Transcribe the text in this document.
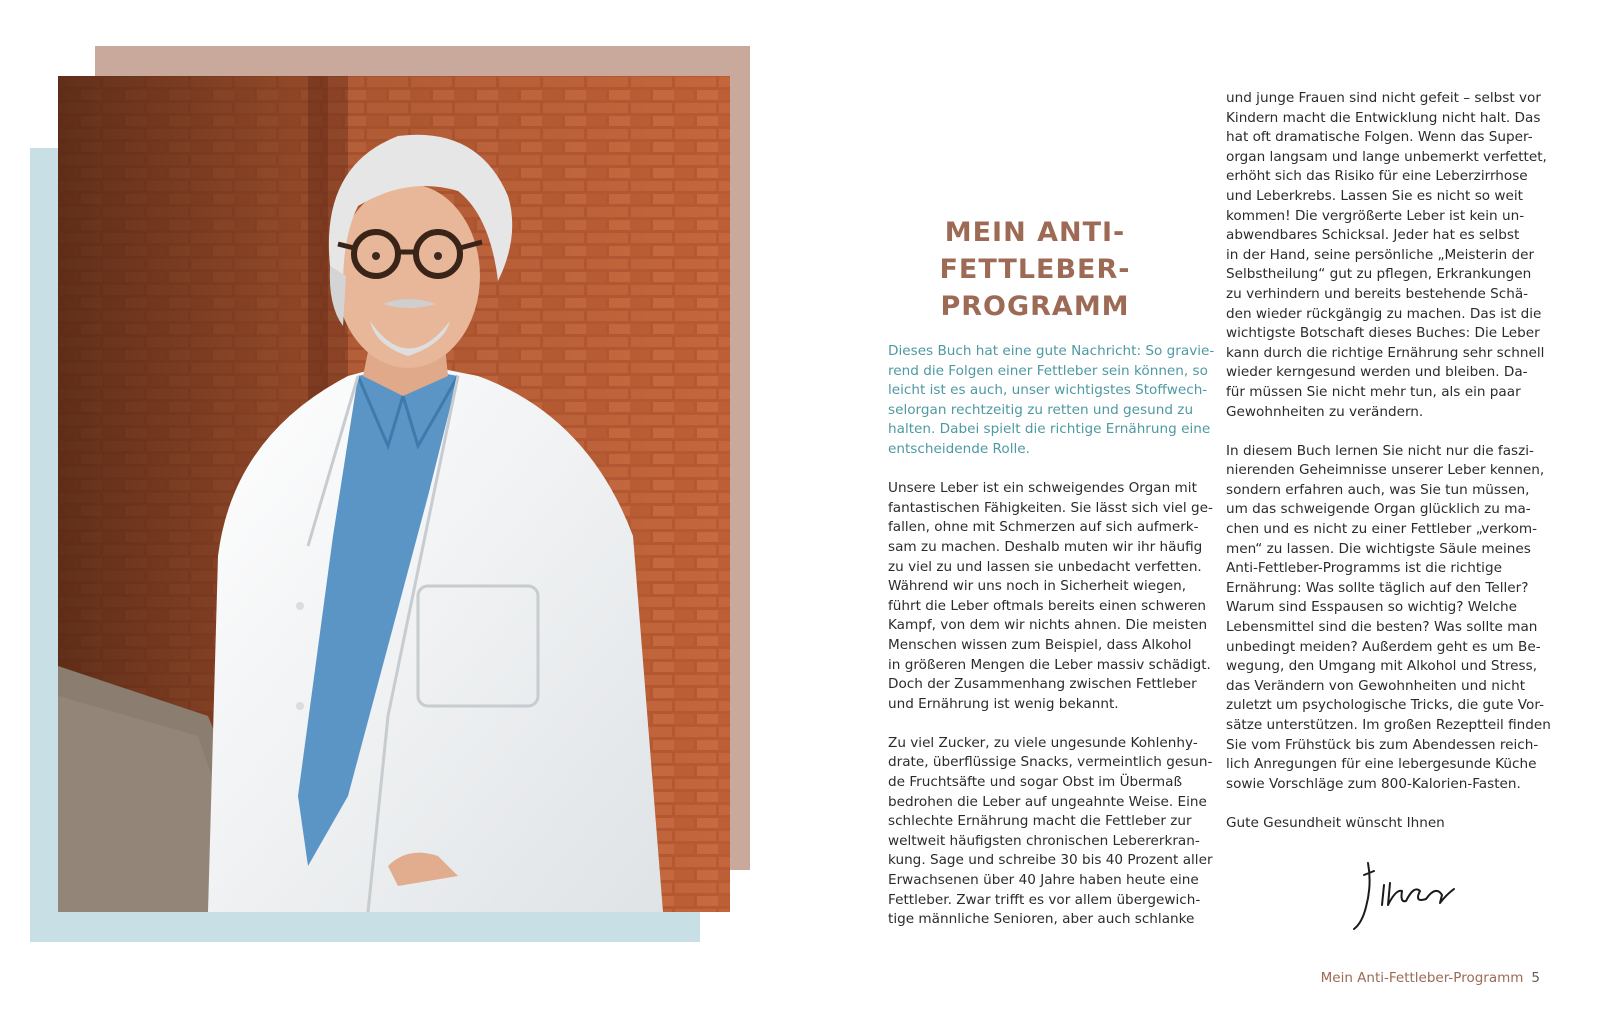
MEIN ANTI-
FETTLEBER-
PROGRAMM

Dieses Buch hat eine gute Nachricht: So gravie-
rend die Folgen einer Fettleber sein können, so
leicht ist es auch, unser wichtigstes Stoffwech-
selorgan rechtzeitig zu retten und gesund zu
halten. Dabei spielt die richtige Ernährung eine
entscheidende Rolle.

Unsere Leber ist ein schweigendes Organ mit
fantastischen Fähigkeiten. Sie lässt sich viel ge-
fallen, ohne mit Schmerzen auf sich aufmerk-
sam zu machen. Deshalb muten wir ihr häufig
zu viel zu und lassen sie unbedacht verfetten.
Während wir uns noch in Sicherheit wiegen,
führt die Leber oftmals bereits einen schweren
Kampf, von dem wir nichts ahnen. Die meisten
Menschen wissen zum Beispiel, dass Alkohol
in größeren Mengen die Leber massiv schädigt.
Doch der Zusammenhang zwischen Fettleber
und Ernährung ist wenig bekannt.

Zu viel Zucker, zu viele ungesunde Kohlenhy-
drate, überflüssige Snacks, vermeintlich gesun-
de Fruchtsäfte und sogar Obst im Übermaß
bedrohen die Leber auf ungeahnte Weise. Eine
schlechte Ernährung macht die Fettleber zur
weltweit häufigsten chronischen Lebererkran-
kung. Sage und schreibe 30 bis 40 Prozent aller
Erwachsenen über 40 Jahre haben heute eine
Fettleber. Zwar trifft es vor allem übergewich-
tige männliche Senioren, aber auch schlanke

und junge Frauen sind nicht gefeit – selbst vor
Kindern macht die Entwicklung nicht halt. Das
hat oft dramatische Folgen. Wenn das Super-
organ langsam und lange unbemerkt verfettet,
erhöht sich das Risiko für eine Leberzirrhose
und Leberkrebs. Lassen Sie es nicht so weit
kommen! Die vergrößerte Leber ist kein un-
abwendbares Schicksal. Jeder hat es selbst
in der Hand, seine persönliche „Meisterin der
Selbstheilung“ gut zu pflegen, Erkrankungen
zu verhindern und bereits bestehende Schä-
den wieder rückgängig zu machen. Das ist die
wichtigste Botschaft dieses Buches: Die Leber
kann durch die richtige Ernährung sehr schnell
wieder kerngesund werden und bleiben. Da-
für müssen Sie nicht mehr tun, als ein paar
Gewohnheiten zu verändern.

In diesem Buch lernen Sie nicht nur die faszi-
nierenden Geheimnisse unserer Leber kennen,
sondern erfahren auch, was Sie tun müssen,
um das schweigende Organ glücklich zu ma-
chen und es nicht zu einer Fettleber „verkom-
men“ zu lassen. Die wichtigste Säule meines
Anti-Fettleber-Programms ist die richtige
Ernährung: Was sollte täglich auf den Teller?
Warum sind Esspausen so wichtig? Welche
Lebensmittel sind die besten? Was sollte man
unbedingt meiden? Außerdem geht es um Be-
wegung, den Umgang mit Alkohol und Stress,
das Verändern von Gewohnheiten und nicht
zuletzt um psychologische Tricks, die gute Vor-
sätze unterstützen. Im großen Rezeptteil finden
Sie vom Frühstück bis zum Abendessen reich-
lich Anregungen für eine lebergesunde Küche
sowie Vorschläge zum 800-Kalorien-Fasten.

Gute Gesundheit wünscht Ihnen

Mein Anti-Fettleber-Programm 5
